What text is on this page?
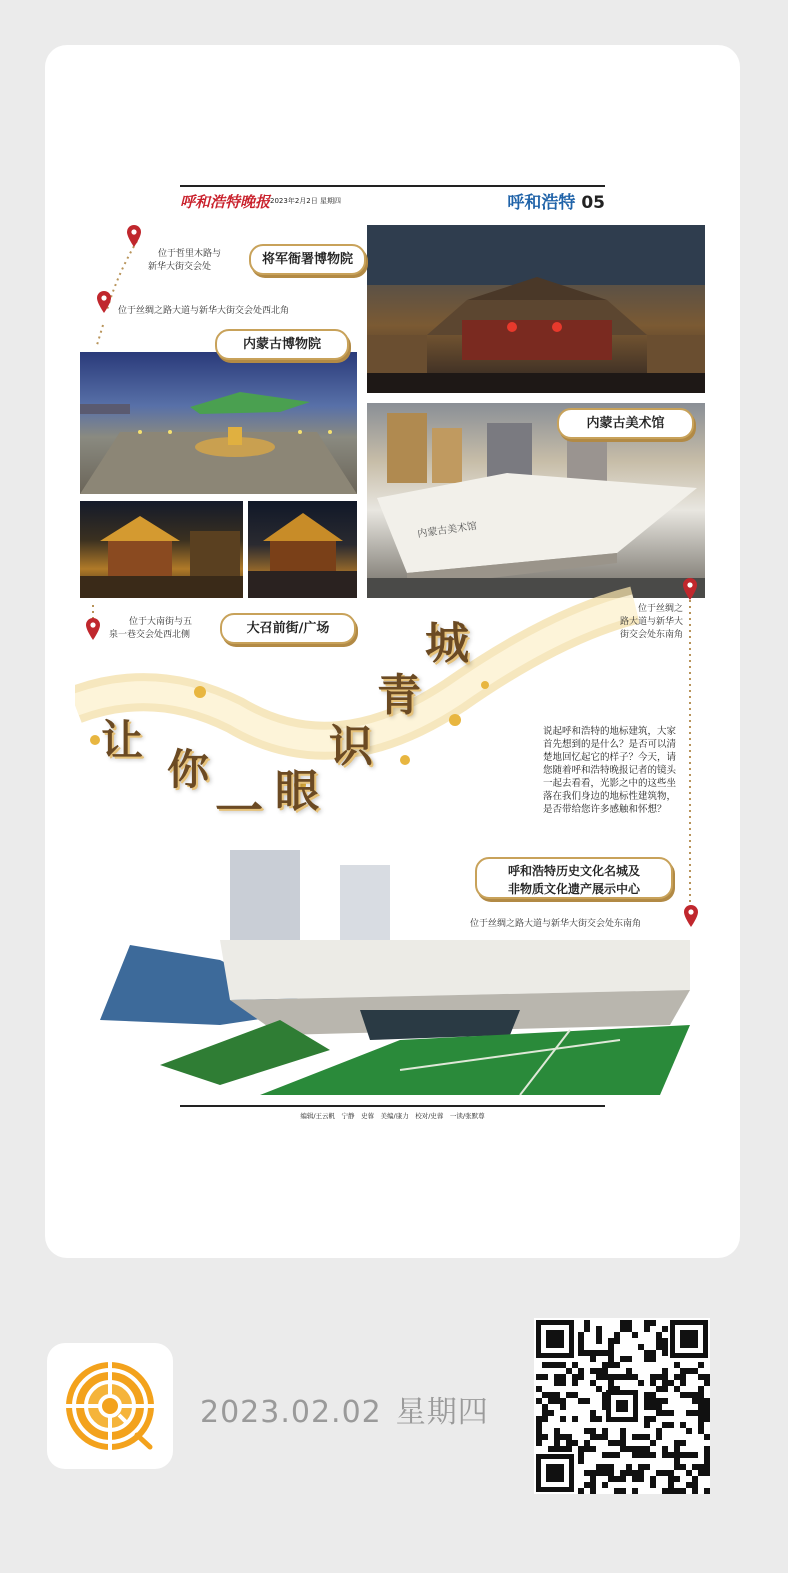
呼和浩特晚报 2023年2月2日 星期四	呼和浩特 05
内蒙古美术馆
将军衙署博物院
内蒙古博物院
内蒙古美术馆
大召前街/广场
呼和浩特历史文化名城及
非物质文化遗产展示中心
位于哲里木路与
新华大街交会处
位于丝绸之路大道与新华大街交会处西北角
位于大南街与五
泉一巷交会处西北侧
位于丝绸之
路大道与新华大
街交会处东南角
位于丝绸之路大道与新华大街交会处东南角
让
你
一 眼
识
青
城
说起呼和浩特的地标建筑，大家首先想到的是什么？是否可以清楚地回忆起它的样子？今天，请您随着呼和浩特晚报记者的镜头一起去看看，光影之中的这些坐落在我们身边的地标性建筑物，是否带给您许多感触和怀想？
编辑/王云帆　宁静　史蓉　美编/康力　校对/史蓉　一读/张默尊
2023.02.02 星期四
